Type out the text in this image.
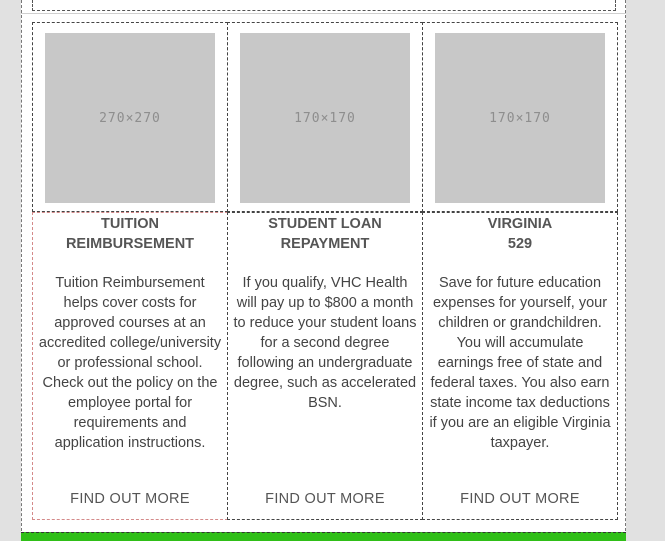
270×270
TUITION
REIMBURSEMENT
Tuition Reimbursement helps cover costs for approved courses at an accredited college/university or professional school. Check out the policy on the employee portal for requirements and application instructions.
FIND OUT MORE
170×170
STUDENT LOAN
REPAYMENT
If you qualify, VHC Health will pay up to $800 a month to reduce your student loans for a second degree following an undergraduate degree, such as accelerated BSN.
FIND OUT MORE
170×170
VIRGINIA
529
Save for future education expenses for yourself, your children or grandchildren. You will accumulate earnings free of state and federal taxes. You also earn state income tax deductions if you are an eligible Virginia taxpayer.
FIND OUT MORE
